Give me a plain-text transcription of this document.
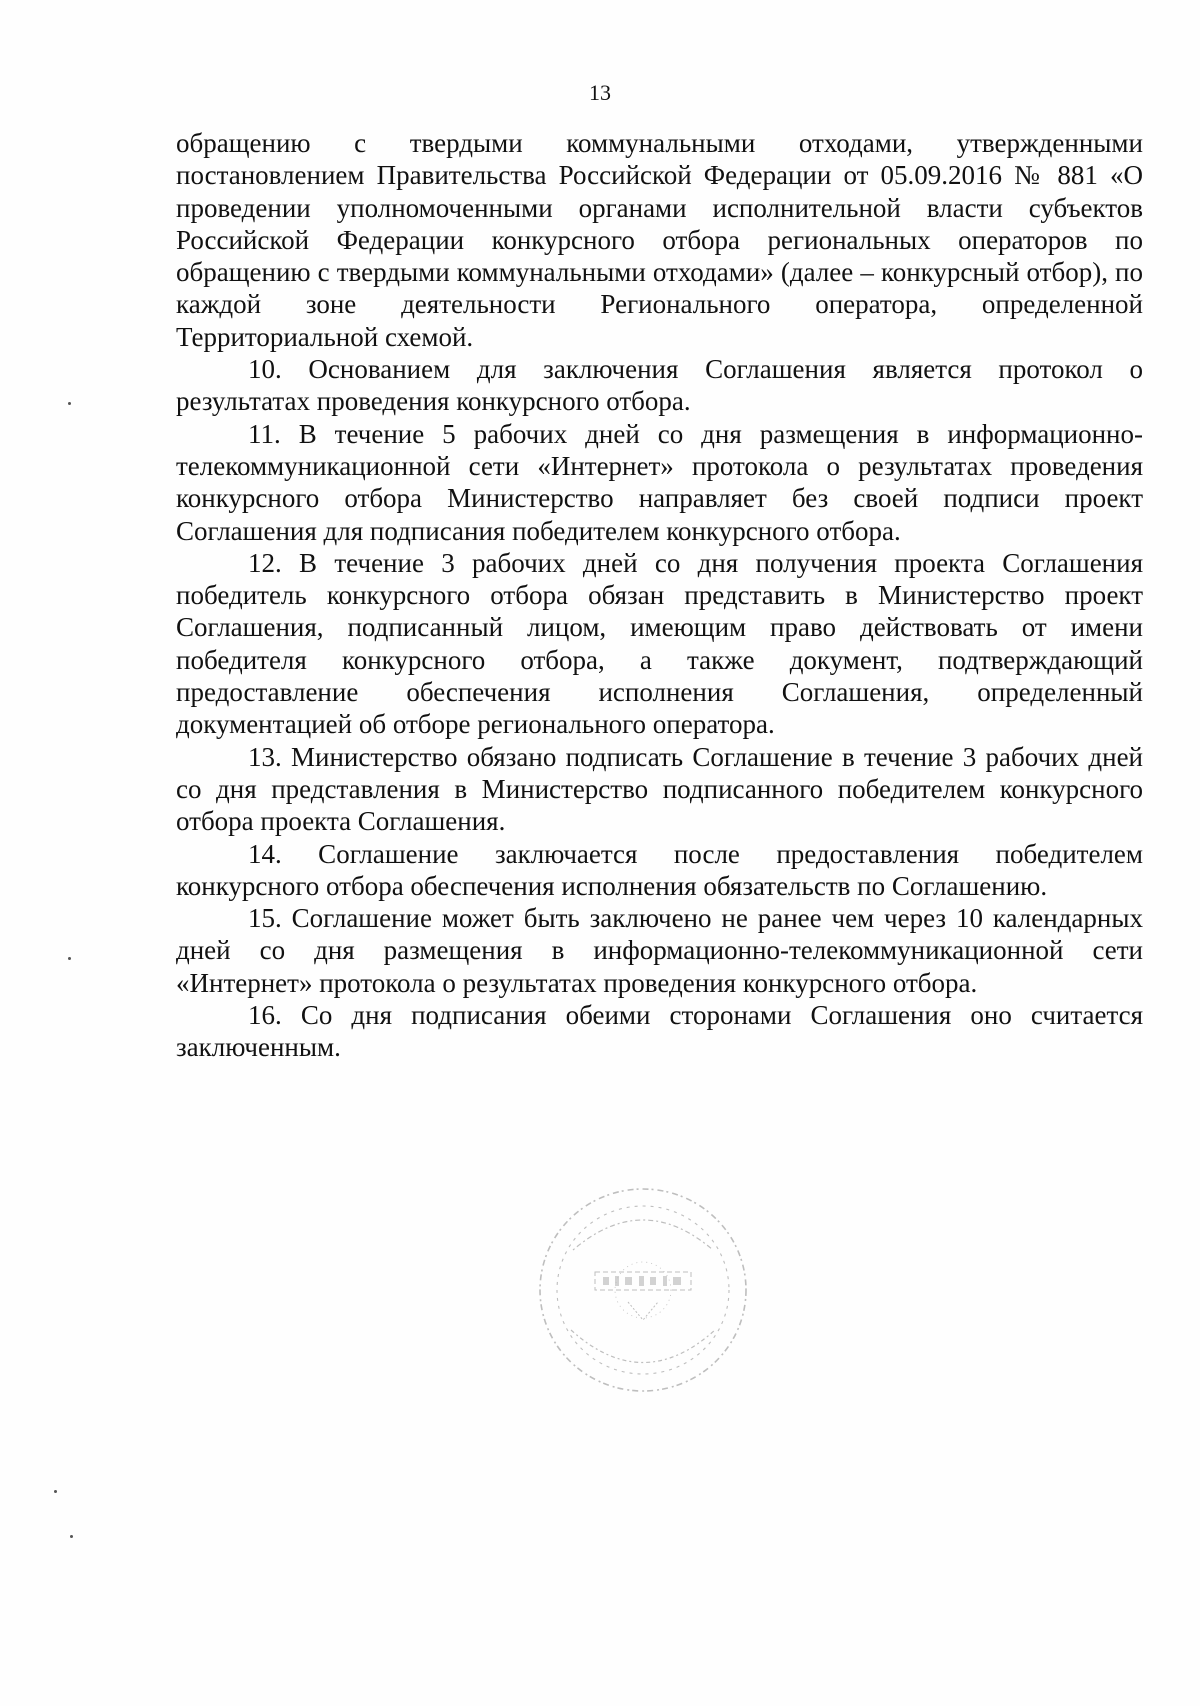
13
обращению с твердыми коммунальными отходами, утвержденными

постановлением Правительства Российской Федерации от 05.09.2016 № 881 «О проведении уполномоченными органами исполнительной власти субъектов Российской Федерации конкурсного отбора региональных операторов по обращению с твердыми коммунальными отходами» (далее – конкурсный отбор), по каждой зоне деятельности Регионального оператора, определенной Территориальной схемой.

10. Основанием для заключения Соглашения является протокол о результатах проведения конкурсного отбора.

11. В течение 5 рабочих дней со дня размещения в информационно-телекоммуникационной сети «Интернет» протокола о результатах проведения конкурсного отбора Министерство направляет без своей подписи проект Соглашения для подписания победителем конкурсного отбора.

12. В течение 3 рабочих дней со дня получения проекта Соглашения победитель конкурсного отбора обязан представить в Министерство проект Соглашения, подписанный лицом, имеющим право действовать от имени победителя конкурсного отбора, а также документ, подтверждающий предоставление обеспечения исполнения Соглашения, определенный документацией об отборе регионального оператора.

13. Министерство обязано подписать Соглашение в течение 3 рабочих дней со дня представления в Министерство подписанного победителем конкурсного отбора проекта Соглашения.

14. Соглашение заключается после предоставления победителем конкурсного отбора обеспечения исполнения обязательств по Соглашению.

15. Соглашение может быть заключено не ранее чем через 10 календарных дней со дня размещения в информационно-телекоммуникационной сети «Интернет» протокола о результатах проведения конкурсного отбора.

16. Со дня подписания обеими сторонами Соглашения оно считается заключенным.
